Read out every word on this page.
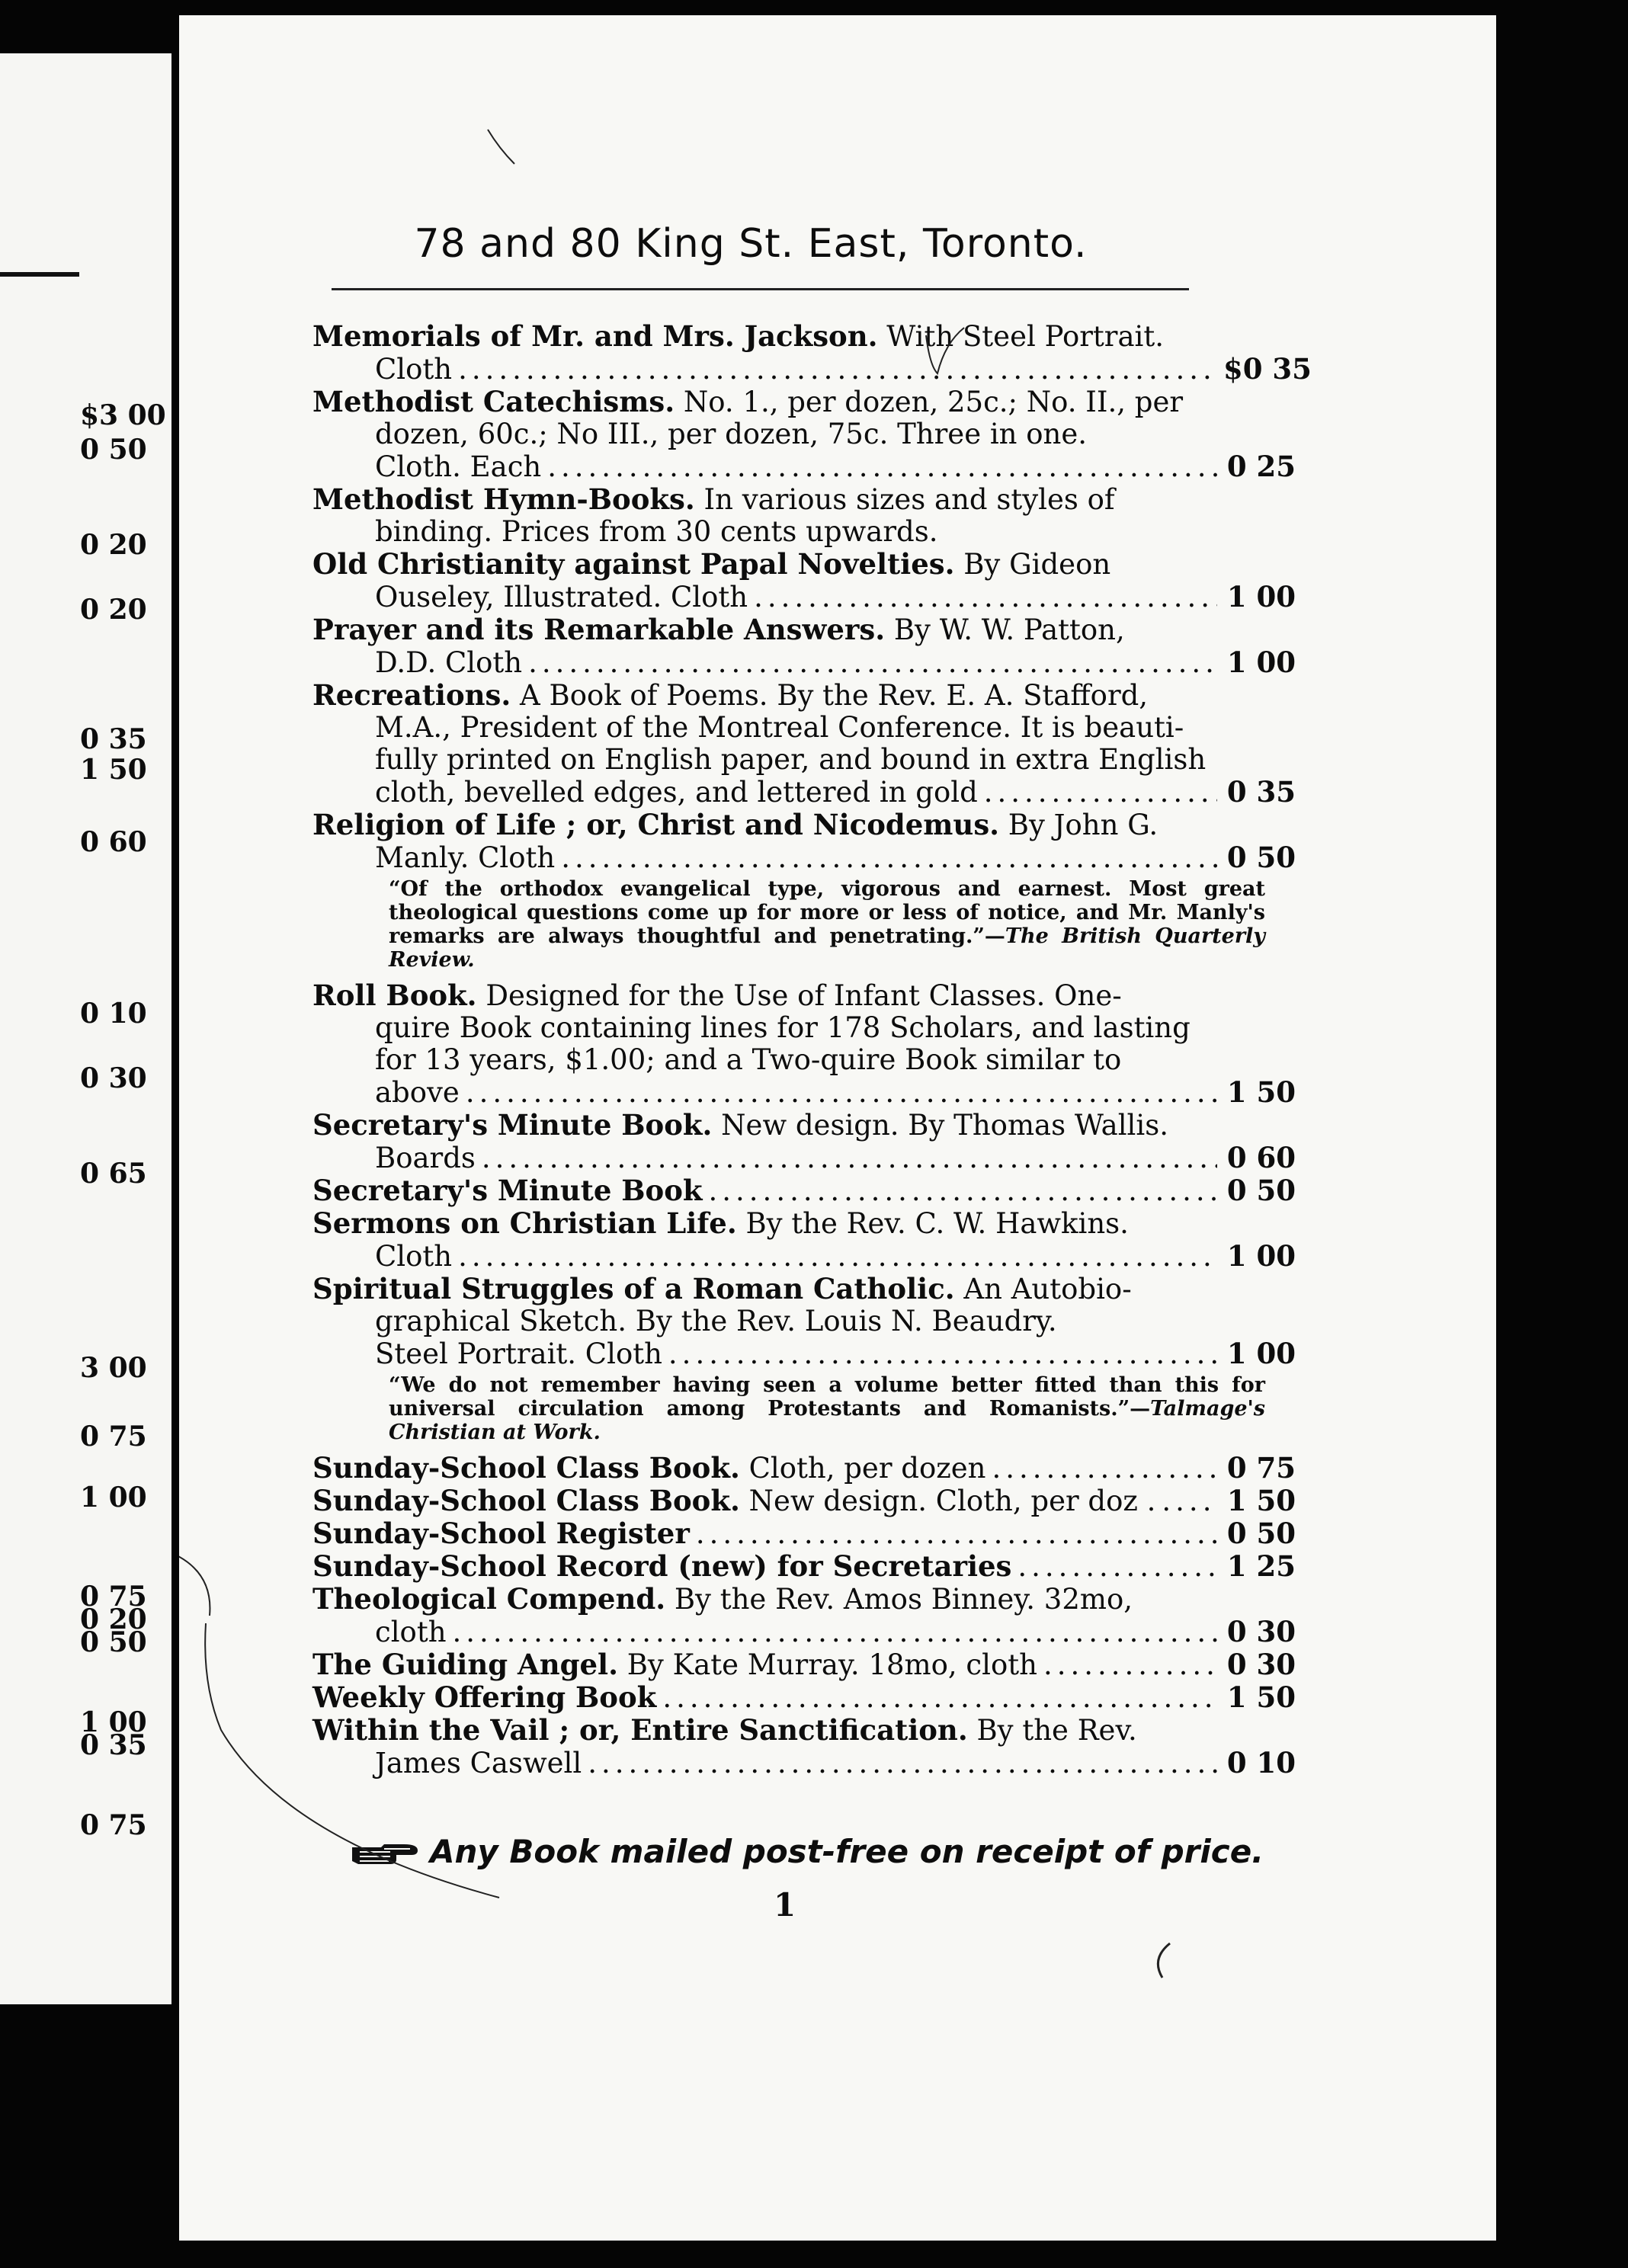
$3 00
0 50
0 20
0 20
0 35
1 50
0 60
0 10
0 30
0 65
3 00
0 75
1 00
0 75
0 20
0 50
1 00
0 35
0 75
78 and 80 King St. East, Toronto.
Memorials of Mr. and Mrs. Jackson. With Steel Portrait.
Cloth .....	$0 35
Methodist Catechisms. No. 1., per dozen, 25c.; No. II., per
dozen, 60c.; No III., per dozen, 75c. Three in one.
Cloth. Each .....	0 25
Methodist Hymn-Books. In various sizes and styles of
binding. Prices from 30 cents upwards.
Old Christianity against Papal Novelties. By Gideon
Ouseley, Illustrated. Cloth .....	1 00
Prayer and its Remarkable Answers. By W. W. Patton,
D.D. Cloth .....	1 00
Recreations. A Book of Poems. By the Rev. E. A. Stafford,
M.A., President of the Montreal Conference. It is beauti-
fully printed on English paper, and bound in extra English
cloth, bevelled edges, and lettered in gold .....	0 35
Religion of Life ; or, Christ and Nicodemus. By John G.
Manly. Cloth .....	0 50
“Of the orthodox evangelical type, vigorous and earnest. Most great theological questions come up for more or less of notice, and Mr. Manly's remarks are always thoughtful and penetrating.”—The British Quarterly Review.
Roll Book. Designed for the Use of Infant Classes. One-
quire Book containing lines for 178 Scholars, and lasting
for 13 years, $1.00; and a Two-quire Book similar to
above .....	1 50
Secretary's Minute Book. New design. By Thomas Wallis.
Boards .....	0 60
Secretary's Minute Book .....	0 50
Sermons on Christian Life. By the Rev. C. W. Hawkins.
Cloth .....	1 00
Spiritual Struggles of a Roman Catholic. An Autobio-
graphical Sketch. By the Rev. Louis N. Beaudry.
Steel Portrait. Cloth .....	1 00
“We do not remember having seen a volume better fitted than this for universal circulation among Protestants and Romanists.”—Talmage's Christian at Work.
Sunday-School Class Book. Cloth, per dozen .....	0 75
Sunday-School Class Book. New design. Cloth, per doz . .....	1 50
Sunday-School Register .....	0 50
Sunday-School Record (new) for Secretaries .....	1 25
Theological Compend. By the Rev. Amos Binney. 32mo,
cloth .....	0 30
The Guiding Angel. By Kate Murray. 18mo, cloth .....	0 30
Weekly Offering Book .....	1 50
Within the Vail ; or, Entire Sanctification. By the Rev.
James Caswell .....	0 10
Any Book mailed post-free on receipt of price.
1
